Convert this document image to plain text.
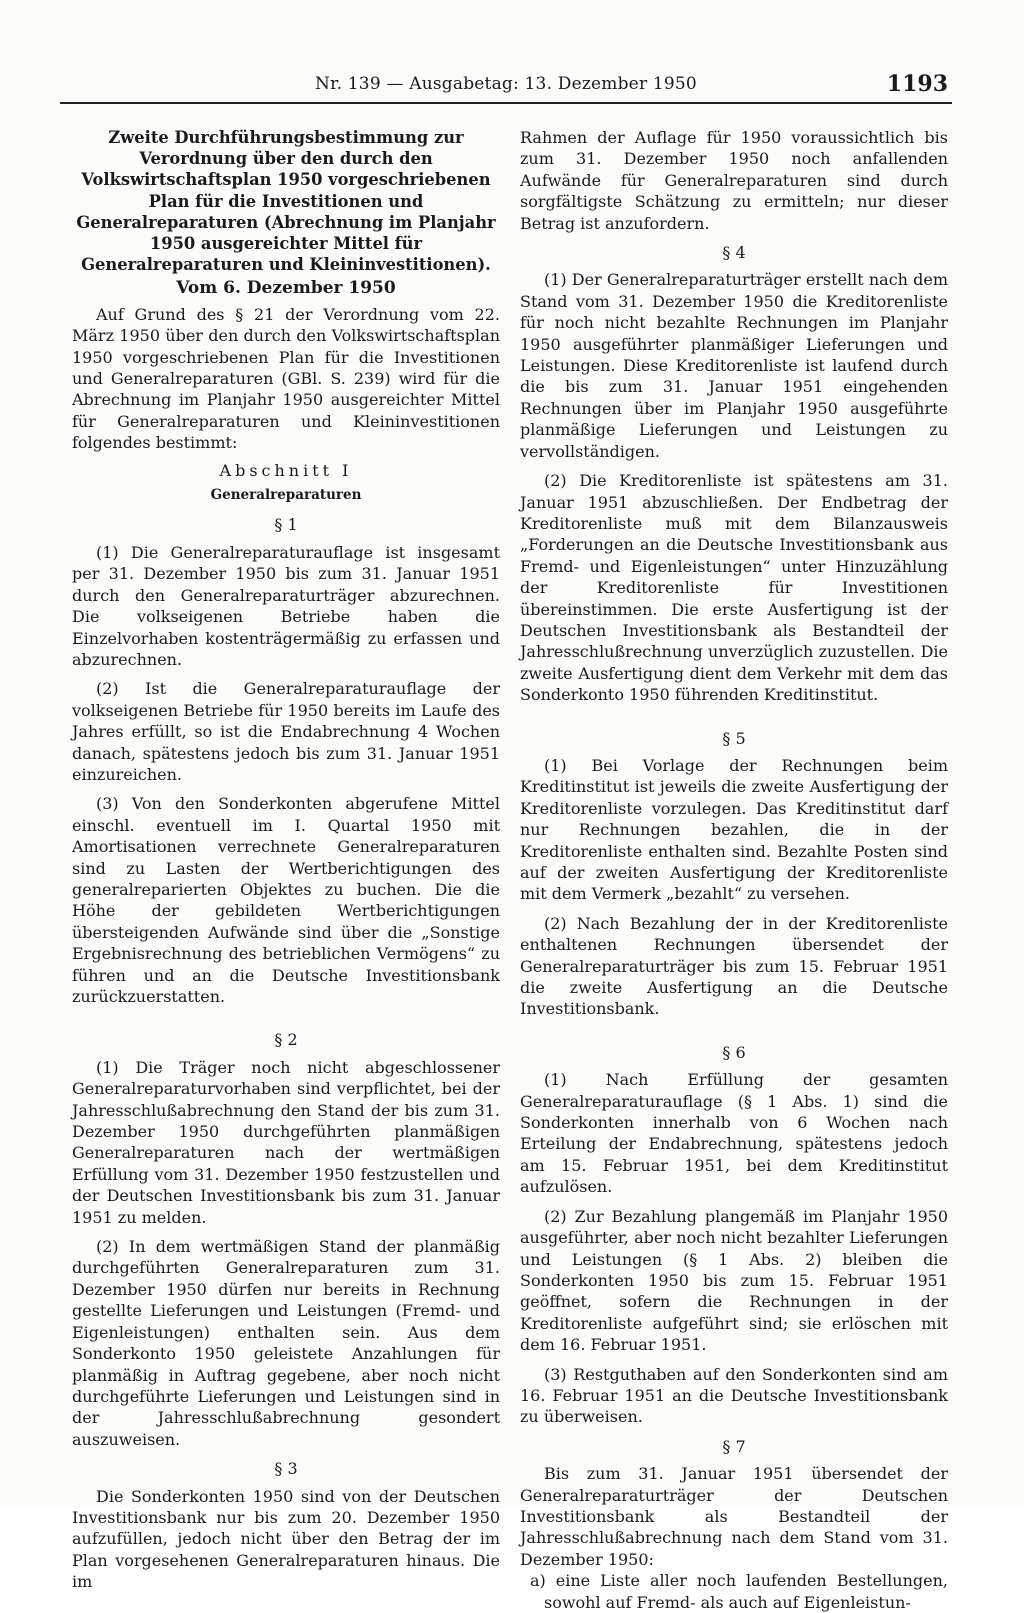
Nr. 139 — Ausgabetag: 13. Dezember 1950	1193
Zweite Durchführungsbestimmung zur Verordnung über den durch den Volkswirtschaftsplan 1950 vorgeschriebenen Plan für die Investitionen und Generalreparaturen (Abrechnung im Planjahr 1950 ausgereichter Mittel für Generalreparaturen und Kleininvestitionen).
Vom 6. Dezember 1950

Auf Grund des § 21 der Verordnung vom 22. März 1950 über den durch den Volkswirtschaftsplan 1950 vorgeschriebenen Plan für die Investitionen und Generalreparaturen (GBl. S. 239) wird für die Abrechnung im Planjahr 1950 ausgereichter Mittel für Generalreparaturen und Kleininvestitionen folgendes bestimmt:

Abschnitt I
Generalreparaturen
§ 1

(1) Die Generalreparaturauflage ist insgesamt per 31. Dezember 1950 bis zum 31. Januar 1951 durch den Generalreparaturträger abzurechnen. Die volkseigenen Betriebe haben die Einzelvorhaben kostenträgermäßig zu erfassen und abzurechnen.

(2) Ist die Generalreparaturauflage der volkseigenen Betriebe für 1950 bereits im Laufe des Jahres erfüllt, so ist die Endabrechnung 4 Wochen danach, spätestens jedoch bis zum 31. Januar 1951 einzureichen.

(3) Von den Sonderkonten abgerufene Mittel einschl. eventuell im I. Quartal 1950 mit Amortisationen verrechnete Generalreparaturen sind zu Lasten der Wertberichtigungen des generalreparierten Objektes zu buchen. Die die Höhe der gebildeten Wertberichtigungen übersteigenden Aufwände sind über die „Sonstige Ergebnisrechnung des betrieblichen Vermögens“ zu führen und an die Deutsche Investitionsbank zurückzuerstatten.

§ 2

(1) Die Träger noch nicht abgeschlossener Generalreparaturvorhaben sind verpflichtet, bei der Jahresschlußabrechnung den Stand der bis zum 31. Dezember 1950 durchgeführten planmäßigen Generalreparaturen nach der wertmäßigen Erfüllung vom 31. Dezember 1950 festzustellen und der Deutschen Investitionsbank bis zum 31. Januar 1951 zu melden.

(2) In dem wertmäßigen Stand der planmäßig durchgeführten Generalreparaturen zum 31. Dezember 1950 dürfen nur bereits in Rechnung gestellte Lieferungen und Leistungen (Fremd- und Eigenleistungen) enthalten sein. Aus dem Sonderkonto 1950 geleistete Anzahlungen für planmäßig in Auftrag gegebene, aber noch nicht durchgeführte Lieferungen und Leistungen sind in der Jahresschlußabrechnung gesondert auszuweisen.

§ 3

Die Sonderkonten 1950 sind von der Deutschen Investitionsbank nur bis zum 20. Dezember 1950 aufzufüllen, jedoch nicht über den Betrag der im Plan vorgesehenen Generalreparaturen hinaus. Die im

Rahmen der Auflage für 1950 voraussichtlich bis zum 31. Dezember 1950 noch anfallenden Aufwände für Generalreparaturen sind durch sorgfältigste Schätzung zu ermitteln; nur dieser Betrag ist anzufordern.

§ 4

(1) Der Generalreparaturträger erstellt nach dem Stand vom 31. Dezember 1950 die Kreditorenliste für noch nicht bezahlte Rechnungen im Planjahr 1950 ausgeführter planmäßiger Lieferungen und Leistungen. Diese Kreditorenliste ist laufend durch die bis zum 31. Januar 1951 eingehenden Rechnungen über im Planjahr 1950 ausgeführte planmäßige Lieferungen und Leistungen zu vervollständigen.

(2) Die Kreditorenliste ist spätestens am 31. Januar 1951 abzuschließen. Der Endbetrag der Kreditorenliste muß mit dem Bilanzausweis „Forderungen an die Deutsche Investitionsbank aus Fremd- und Eigenleistungen“ unter Hinzuzählung der Kreditorenliste für Investitionen übereinstimmen. Die erste Ausfertigung ist der Deutschen Investitionsbank als Bestandteil der Jahresschlußrechnung unverzüglich zuzustellen. Die zweite Ausfertigung dient dem Verkehr mit dem das Sonderkonto 1950 führenden Kreditinstitut.

§ 5

(1) Bei Vorlage der Rechnungen beim Kreditinstitut ist jeweils die zweite Ausfertigung der Kreditorenliste vorzulegen. Das Kreditinstitut darf nur Rechnungen bezahlen, die in der Kreditorenliste enthalten sind. Bezahlte Posten sind auf der zweiten Ausfertigung der Kreditorenliste mit dem Vermerk „bezahlt“ zu versehen.

(2) Nach Bezahlung der in der Kreditorenliste enthaltenen Rechnungen übersendet der Generalreparaturträger bis zum 15. Februar 1951 die zweite Ausfertigung an die Deutsche Investitionsbank.

§ 6

(1) Nach Erfüllung der gesamten Generalreparaturauflage (§ 1 Abs. 1) sind die Sonderkonten innerhalb von 6 Wochen nach Erteilung der Endabrechnung, spätestens jedoch am 15. Februar 1951, bei dem Kreditinstitut aufzulösen.

(2) Zur Bezahlung plangemäß im Planjahr 1950 ausgeführter, aber noch nicht bezahlter Lieferungen und Leistungen (§ 1 Abs. 2) bleiben die Sonderkonten 1950 bis zum 15. Februar 1951 geöffnet, sofern die Rechnungen in der Kreditorenliste aufgeführt sind; sie erlöschen mit dem 16. Februar 1951.

(3) Restguthaben auf den Sonderkonten sind am 16. Februar 1951 an die Deutsche Investitionsbank zu überweisen.

§ 7

Bis zum 31. Januar 1951 übersendet der Generalreparaturträger der Deutschen Investitionsbank als Bestandteil der Jahresschlußabrechnung nach dem Stand vom 31. Dezember 1950:

a) eine Liste aller noch laufenden Bestellungen, sowohl auf Fremd- als auch auf Eigenleistun-
